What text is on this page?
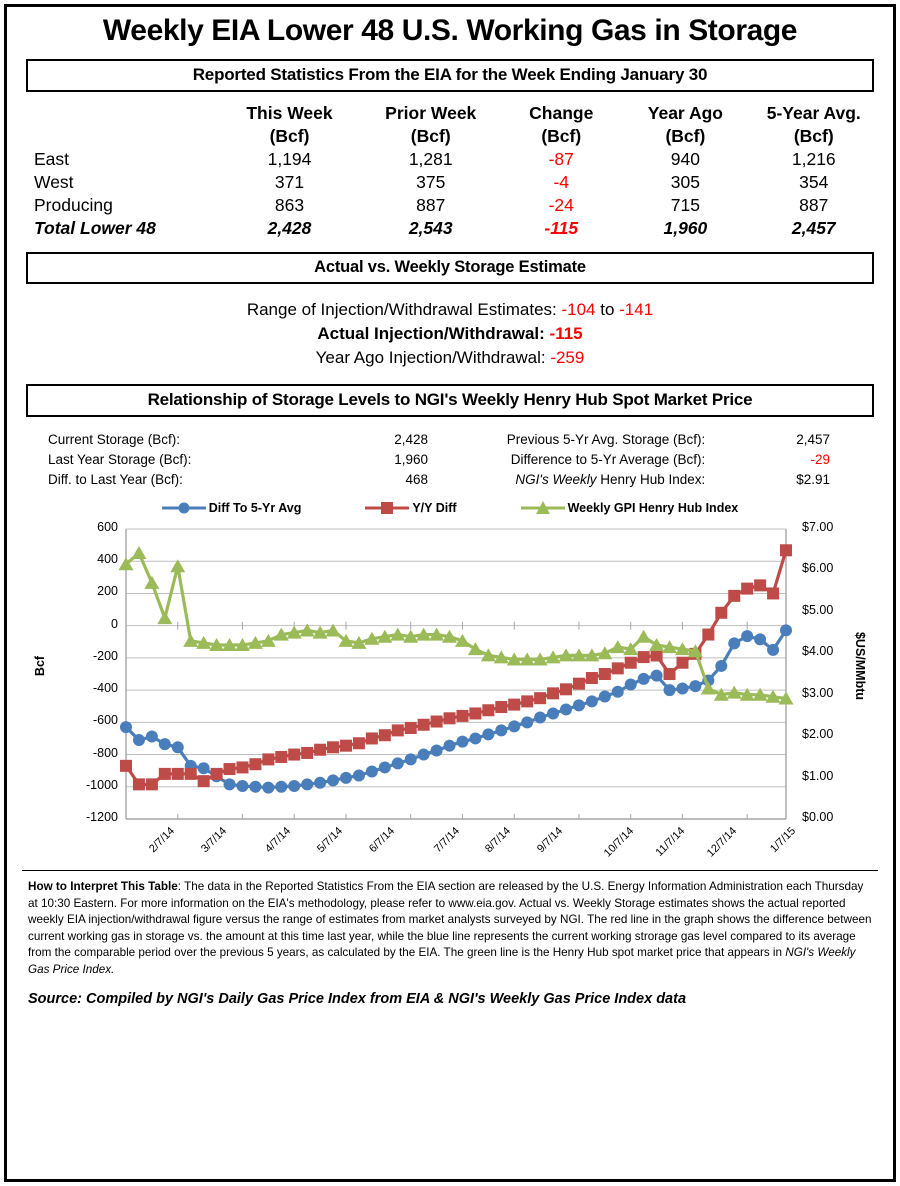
Weekly EIA Lower 48 U.S. Working Gas in Storage
Reported Statistics From the EIA for the Week Ending January 30
	This Week	Prior Week	Change	Year Ago	5-Year Avg.
	(Bcf)	(Bcf)	(Bcf)	(Bcf)	(Bcf)
East	1,194	1,281	-87	940	1,216
West	371	375	-4	305	354
Producing	863	887	-24	715	887
Total Lower 48	2,428	2,543	-115	1,960	2,457
Actual vs. Weekly Storage Estimate
Range of Injection/Withdrawal Estimates: -104 to -141
Actual Injection/Withdrawal: -115
Year Ago Injection/Withdrawal: -259
Relationship of Storage Levels to NGI's Weekly Henry Hub Spot Market Price
Current Storage (Bcf):	2,428	Previous 5-Yr Avg. Storage (Bcf):	2,457
Last Year Storage (Bcf):	1,960	Difference to 5-Yr Average (Bcf):	-29
Diff. to Last Year (Bcf):	468	NGI's Weekly Henry Hub Index:	$2.91
Diff To 5-Yr Avg	Y/Y Diff	Weekly GPI Henry Hub Index
Bcf	$US/MMbtu
600
400
200
0
-200
-400
-600
-800
-1000
-1200
$7.00
$6.00
$5.00
$4.00
$3.00
$2.00
$1.00
$0.00
2/7/14 3/7/14	4/7/14 5/7/14 6/7/14	7/7/14 8/7/14 9/7/14	10/7/14 11/7/14 12/7/14	1/7/15
How to Interpret This Table: The data in the Reported Statistics From the EIA section are released by the U.S. Energy Information Administration each Thursday at 10:30 Eastern. For more information on the EIA's methodology, please refer to www.eia.gov. Actual vs. Weekly Storage estimates shows the actual reported weekly EIA injection/withdrawal figure versus the range of estimates from market analysts surveyed by NGI. The red line in the graph shows the difference between current working gas in storage vs. the amount at this time last year, while the blue line represents the current working strorage gas level compared to its average from the comparable period over the previous 5 years, as calculated by the EIA. The green line is the Henry Hub spot market price that appears in NGI's Weekly Gas Price Index.
Source: Compiled by NGI's Daily Gas Price Index from EIA & NGI's Weekly Gas Price Index data
